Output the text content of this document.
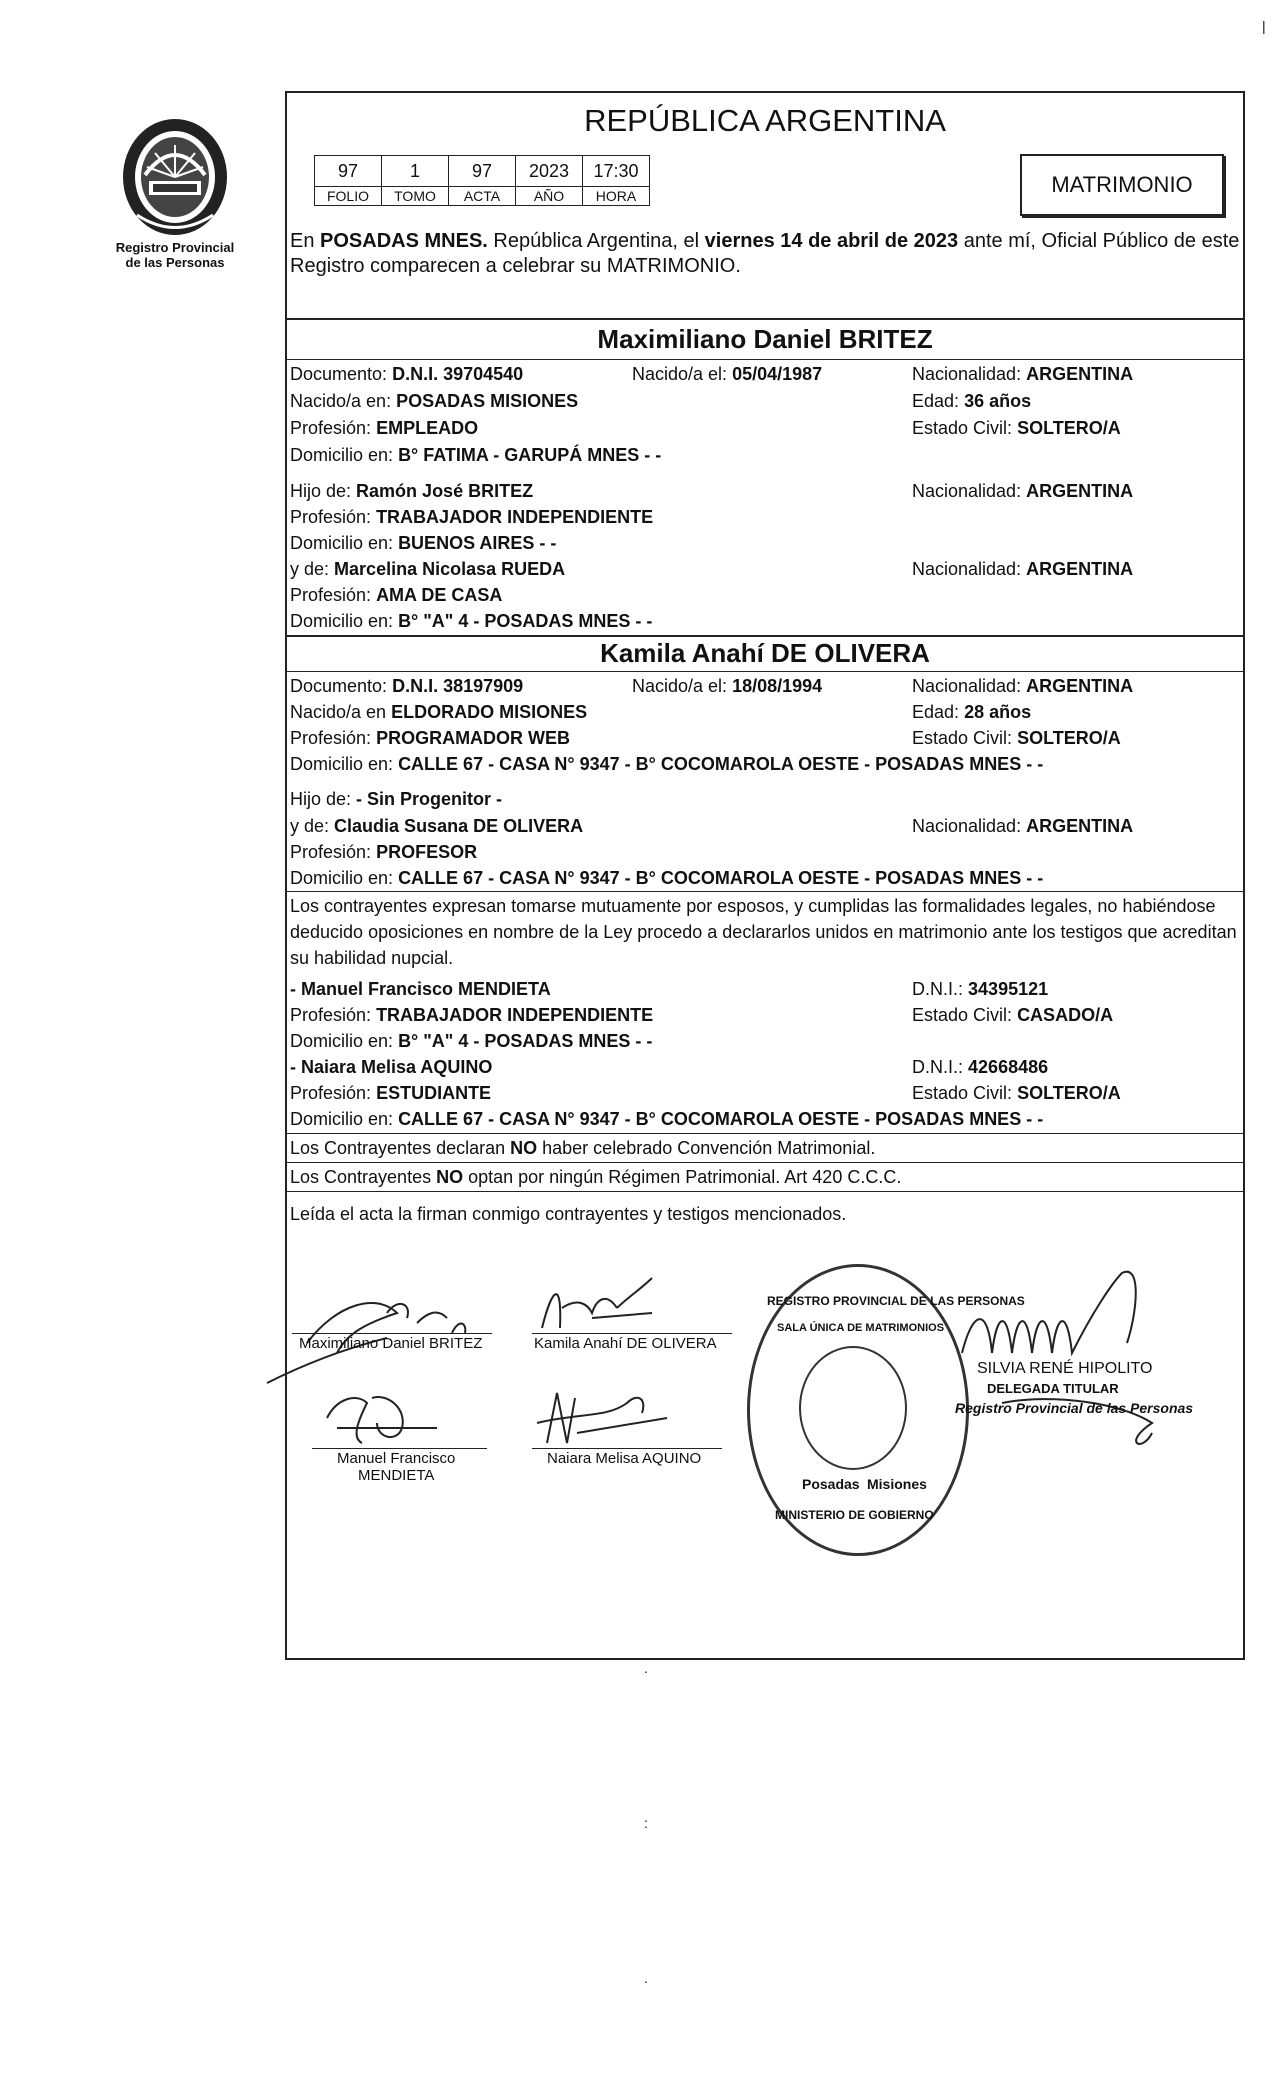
Registro Provincial
de las Personas
|
REPÚBLICA ARGENTINA
97	1	97	2023	17:30
FOLIO	TOMO	ACTA	AÑO	HORA	MATRIMONIO
En POSADAS MNES. República Argentina, el viernes 14 de abril de 2023 ante mí, Oficial Público de este Registro comparecen a celebrar su MATRIMONIO.
Maximiliano Daniel BRITEZ
Documento: D.N.I. 39704540	Nacido/a el: 05/04/1987	Nacionalidad: ARGENTINA
Nacido/a en: POSADAS MISIONES	Edad: 36 años
Profesión: EMPLEADO	Estado Civil: SOLTERO/A
Domicilio en: B° FATIMA - GARUPÁ MNES - -
Hijo de: Ramón José BRITEZ	Nacionalidad: ARGENTINA
Profesión: TRABAJADOR INDEPENDIENTE
Domicilio en: BUENOS AIRES - -
y de: Marcelina Nicolasa RUEDA	Nacionalidad: ARGENTINA
Profesión: AMA DE CASA
Domicilio en: B° "A" 4 - POSADAS MNES - -
Kamila Anahí DE OLIVERA
Documento: D.N.I. 38197909	Nacido/a el: 18/08/1994	Nacionalidad: ARGENTINA
Nacido/a en ELDORADO MISIONES	Edad: 28 años
Profesión: PROGRAMADOR WEB	Estado Civil: SOLTERO/A
Domicilio en: CALLE 67 - CASA N° 9347 - B° COCOMAROLA OESTE - POSADAS MNES - -
Hijo de: - Sin Progenitor -
y de: Claudia Susana DE OLIVERA	Nacionalidad: ARGENTINA
Profesión: PROFESOR
Domicilio en: CALLE 67 - CASA N° 9347 - B° COCOMAROLA OESTE - POSADAS MNES - -
Los contrayentes expresan tomarse mutuamente por esposos, y cumplidas las formalidades legales, no habiéndose deducido oposiciones en nombre de la Ley procedo a declararlos unidos en matrimonio ante los testigos que acreditan su habilidad nupcial.
- Manuel Francisco MENDIETA	D.N.I.: 34395121
Profesión: TRABAJADOR INDEPENDIENTE	Estado Civil: CASADO/A
Domicilio en: B° "A" 4 - POSADAS MNES - -
- Naiara Melisa AQUINO	D.N.I.: 42668486
Profesión: ESTUDIANTE	Estado Civil: SOLTERO/A
Domicilio en: CALLE 67 - CASA N° 9347 - B° COCOMAROLA OESTE - POSADAS MNES - -
Los Contrayentes declaran NO haber celebrado Convención Matrimonial.
Los Contrayentes NO optan por ningún Régimen Patrimonial. Art 420 C.C.C.
Leída el acta la firman conmigo contrayentes y testigos mencionados.
Maximiliano Daniel BRITEZ	Kamila Anahí DE OLIVERA
Manuel Francisco
MENDIETA
Naiara Melisa AQUINO
REGISTRO PROVINCIAL DE LAS PERSONAS
SALA ÚNICA DE MATRIMONIOS
Posadas Misiones
MINISTERIO DE GOBIERNO
SILVIA RENÉ HIPOLITO
DELEGADA TITULAR
Registro Provincial de las Personas
.
:
.
